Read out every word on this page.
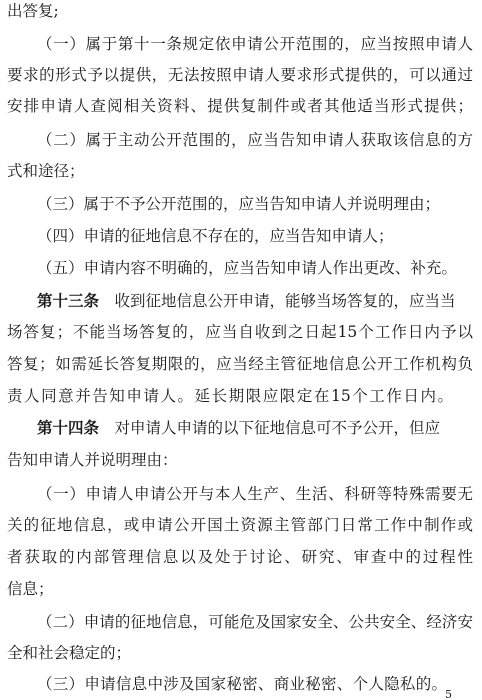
出答复;
（一）属于第十一条规定依申请公开范围的，应当按照申请人
要求的形式予以提供，无法按照申请人要求形式提供的，可以通过
安排申请人查阅相关资料、提供复制件或者其他适当形式提供；
（二）属于主动公开范围的，应当告知申请人获取该信息的方
式和途径；
（三）属于不予公开范围的，应当告知申请人并说明理由；
（四）申请的征地信息不存在的，应当告知申请人；
（五）申请内容不明确的，应当告知申请人作出更改、补充。
第十三条　收到征地信息公开申请，能够当场答复的，应当当
场答复；不能当场答复的，应当自收到之日起15个工作日内予以
答复；如需延长答复期限的，应当经主管征地信息公开工作机构负
责人同意并告知申请人。延长期限应限定在15个工作日内。
第十四条　对申请人申请的以下征地信息可不予公开，但应
告知申请人并说明理由：
（一）申请人申请公开与本人生产、生活、科研等特殊需要无
关的征地信息，或申请公开国土资源主管部门日常工作中制作或
者获取的内部管理信息以及处于讨论、研究、审查中的过程性
信息；
（二）申请的征地信息，可能危及国家安全、公共安全、经济安
全和社会稳定的；
（三）申请信息中涉及国家秘密、商业秘密、个人隐私的。
5
